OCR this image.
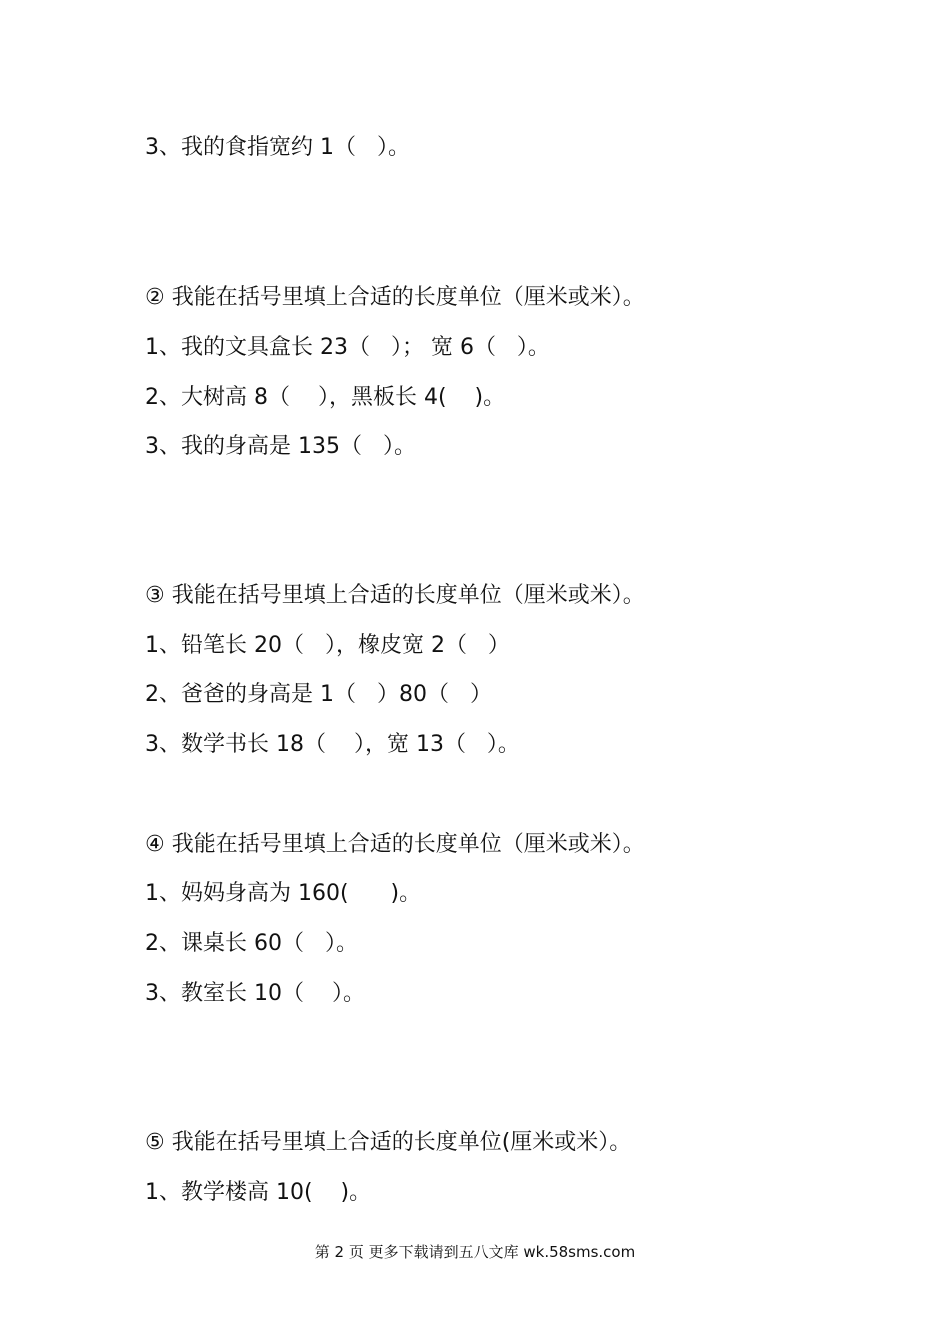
3、我的食指宽约 1（   ）。
② 我能在括号里填上合适的长度单位（厘米或米）。
1、我的文具盒长 23（   ）； 宽 6（   ）。
2、大树高 8（    ），黑板长 4(    )。
3、我的身高是 135（   ）。
③ 我能在括号里填上合适的长度单位（厘米或米）。
1、铅笔长 20（   ），橡皮宽 2（   ）
2、爸爸的身高是 1（   ）80（   ）
3、数学书长 18（    ），宽 13（   ）。
④ 我能在括号里填上合适的长度单位（厘米或米）。
1、妈妈身高为 160(      )。
2、课桌长 60（   ）。
3、教室长 10（    ）。
⑤ 我能在括号里填上合适的长度单位(厘米或米）。
1、教学楼高 10(    )。
第 2 页 更多下载请到五八文库 wk.58sms.com
